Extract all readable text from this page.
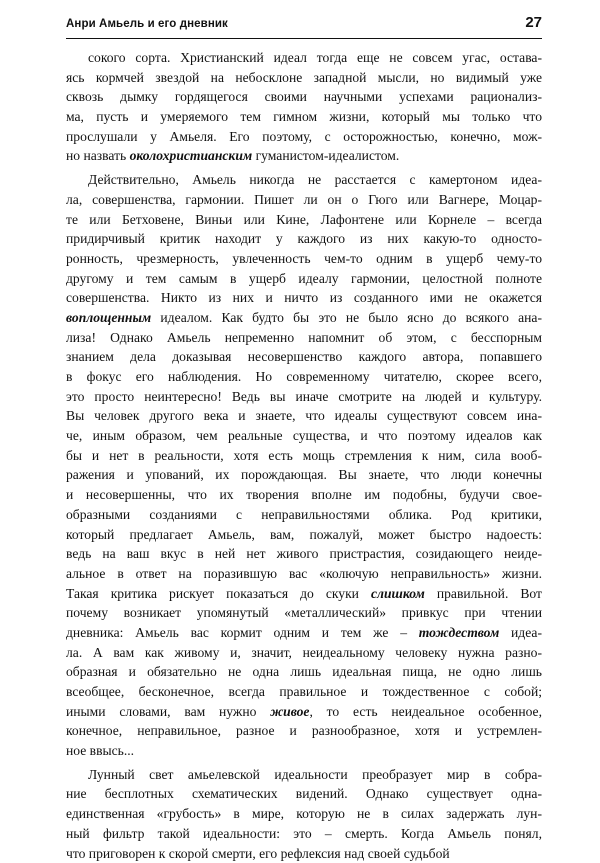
Анри Амьель и его дневник	27
сокого сорта. Христианский идеал тогда еще не совсем угас, остава-
ясь кормчей звездой на небосклоне западной мысли, но видимый уже
сквозь дымку гордящегося своими научными успехами рационализ-
ма, пусть и умеряемого тем гимном жизни, который мы только что
прослушали у Амьеля. Его поэтому, с осторожностью, конечно, мож-
но назвать околохристианским гуманистом-идеалистом.
Действительно, Амьель никогда не расстается с камертоном идеа-
ла, совершенства, гармонии. Пишет ли он о Гюго или Вагнере, Моцар-
те или Бетховене, Виньи или Кине, Лафонтене или Корнеле – всегда
придирчивый критик находит у каждого из них какую-то односто-
ронность, чрезмерность, увлеченность чем-то одним в ущерб чему-то
другому и тем самым в ущерб идеалу гармонии, целостной полноте
совершенства. Никто из них и ничто из созданного ими не окажется
воплощенным идеалом. Как будто бы это не было ясно до всякого ана-
лиза! Однако Амьель непременно напомнит об этом, с бесспорным
знанием дела доказывая несовершенство каждого автора, попавшего
в фокус его наблюдения. Но современному читателю, скорее всего,
это просто неинтересно! Ведь вы иначе смотрите на людей и культуру.
Вы человек другого века и знаете, что идеалы существуют совсем ина-
че, иным образом, чем реальные существа, и что поэтому идеалов как
бы и нет в реальности, хотя есть мощь стремления к ним, сила вооб-
ражения и упований, их порождающая. Вы знаете, что люди конечны
и несовершенны, что их творения вполне им подобны, будучи свое-
образными созданиями с неправильностями облика. Род критики,
который предлагает Амьель, вам, пожалуй, может быстро надоесть:
ведь на ваш вкус в ней нет живого пристрастия, созидающего неиде-
альное в ответ на поразившую вас «колючую неправильность» жизни.
Такая критика рискует показаться до скуки слишком правильной. Вот
почему возникает упомянутый «металлический» привкус при чтении
дневника: Амьель вас кормит одним и тем же – тождеством идеа-
ла. А вам как живому и, значит, неидеальному человеку нужна разно-
образная и обязательно не одна лишь идеальная пища, не одно лишь
всеобщее, бесконечное, всегда правильное и тождественное с собой;
иными словами, вам нужно живое, то есть неидеальное особенное,
конечное, неправильное, разное и разнообразное, хотя и устремлен-
ное ввысь...
Лунный свет амьелевской идеальности преобразует мир в собра-
ние бесплотных схематических видений. Однако существует одна-
единственная «грубость» в мире, которую не в силах задержать лун-
ный фильтр такой идеальности: это – смерть. Когда Амьель понял,
что приговорен к скорой смерти, его рефлексия над своей судьбой
